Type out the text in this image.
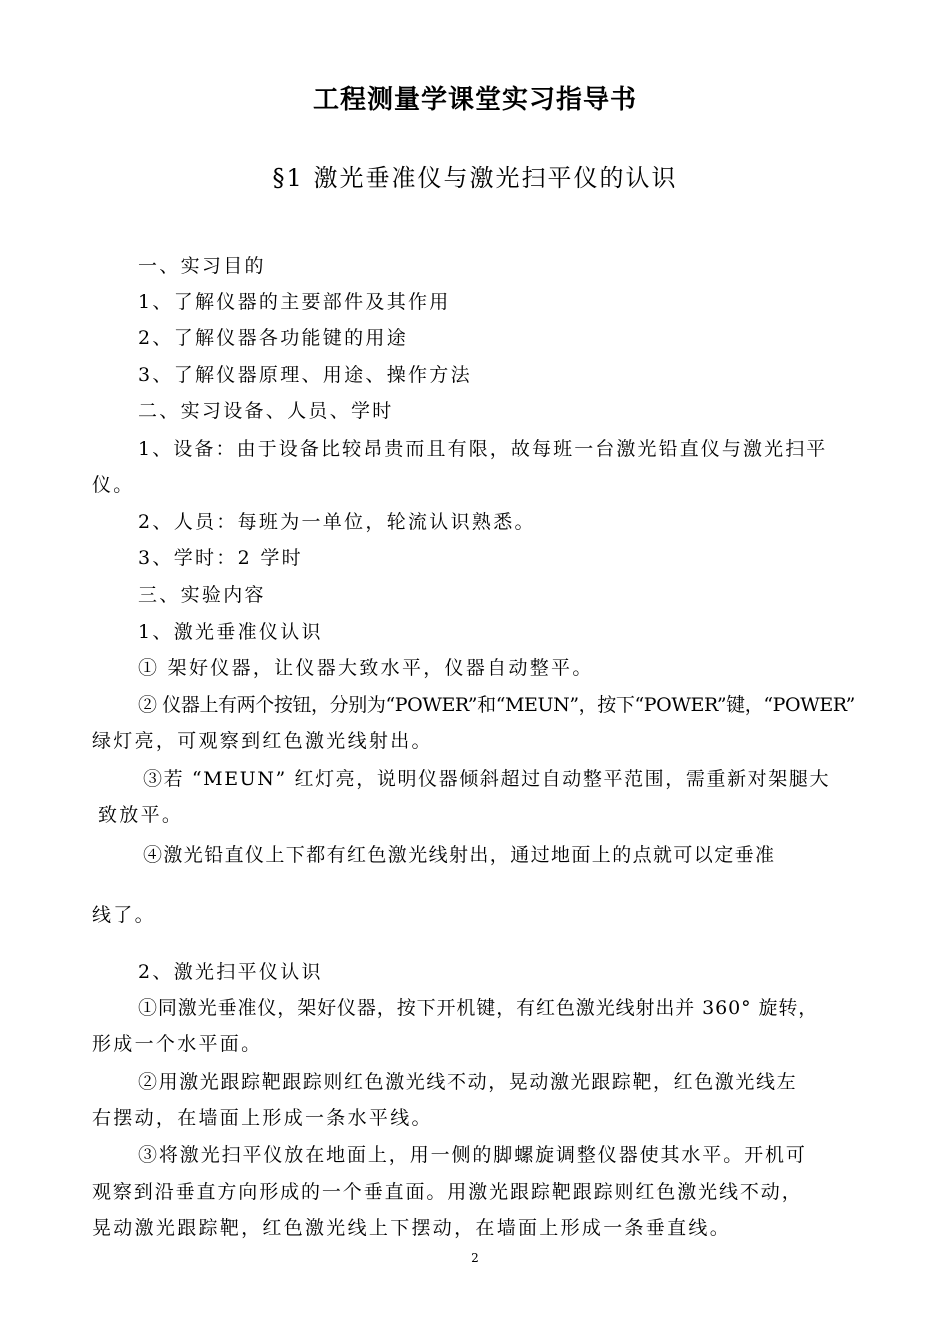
工程测量学课堂实习指导书
§1 激光垂准仪与激光扫平仪的认识
一、实习目的
1、了解仪器的主要部件及其作用
2、了解仪器各功能键的用途
3、了解仪器原理、用途、操作方法
二、实习设备、人员、学时
1、设备：由于设备比较昂贵而且有限，故每班一台激光铅直仪与激光扫平
仪。
2、人员：每班为一单位，轮流认识熟悉。
3、学时：2 学时
三、实验内容
1、激光垂准仪认识
① 架好仪器，让仪器大致水平，仪器自动整平。
② 仪器上有两个按钮，分别为“POWER”和“MEUN”，按下“POWER”键，“POWER”
绿灯亮，可观察到红色激光线射出。
③若 “MEUN” 红灯亮，说明仪器倾斜超过自动整平范围，需重新对架腿大
致放平。
④激光铅直仪上下都有红色激光线射出，通过地面上的点就可以定垂准
线了。
2、激光扫平仪认识
①同激光垂准仪，架好仪器，按下开机键，有红色激光线射出并 360° 旋转，
形成一个水平面。
②用激光跟踪靶跟踪则红色激光线不动，晃动激光跟踪靶，红色激光线左
右摆动，在墙面上形成一条水平线。
③将激光扫平仪放在地面上，用一侧的脚螺旋调整仪器使其水平。开机可
观察到沿垂直方向形成的一个垂直面。用激光跟踪靶跟踪则红色激光线不动，
晃动激光跟踪靶，红色激光线上下摆动，在墙面上形成一条垂直线。
2
